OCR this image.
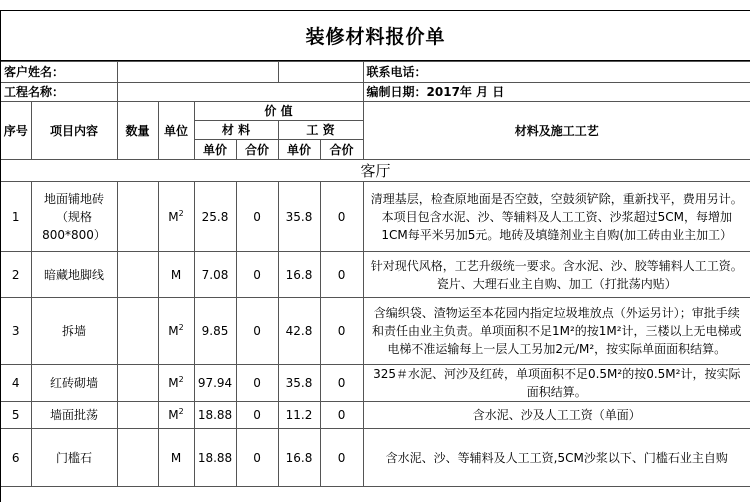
装修材料报价单
客户姓名：								联系电话：
工程名称：								编制日期：2017年 月 日
序号	项目内容	数量	单位	价 值				材料及施工工艺
				材 料		工 资		
				单价	合价	单价	合价	
客厅								
1	地面铺地砖（规格800*800）		$M^2$	25.8	0	35.8	0	清理基层，检查原地面是否空鼓，空鼓须铲除，重新找平，费用另计。本项目包含水泥、沙、等辅料及人工工资、沙浆超过5CM，每增加1CM每平米另加5元。地砖及填缝剂业主自购(加工砖由业主加工）
2	暗藏地脚线		M	7.08	0	16.8	0	针对现代风格，工艺升级统一要求。含水泥、沙、胶等辅料人工工资。瓷片、大理石业主自购、加工（打批荡内贴）
3	拆墙		$M^2$	9.85	0	42.8	0	含编织袋、渣物运至本花园内指定垃圾堆放点（外运另计）；审批手续和责任由业主负责。单项面积不足1M²的按1M²计，三楼以上无电梯或电梯不准运输每上一层人工另加2元/M²，按实际单面面积结算。
4	红砖砌墙		$M^2$	97.94	0	35.8	0	325＃水泥、河沙及红砖，单项面积不足0.5M²的按0.5M²计，按实际面积结算。
5	墙面批荡		$M^2$	18.88	0	11.2	0	含水泥、沙及人工工资（单面）
6	门槛石		M	18.88	0	16.8	0	含水泥、沙、等辅料及人工工资,5CM沙浆以下、门槛石业主自购
